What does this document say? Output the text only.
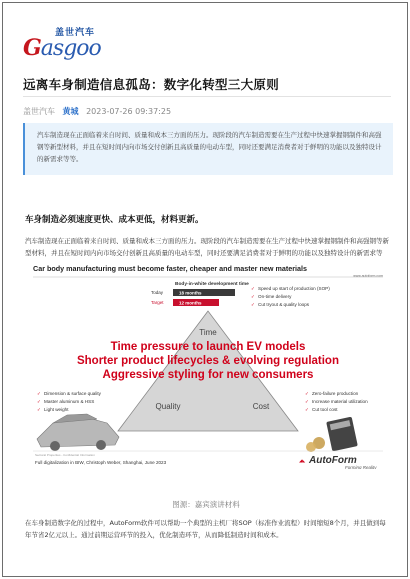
盖世汽车
Gasgoo
远离车身制造信息孤岛：数字化转型三大原则
盖世汽车 黄城 2023-07-26 09:37:25
汽车制造现在正面临着来自时间、质量和成本三方面的压力。现阶段的汽车制造需要在生产过程中快速掌握钢制件和高强钢等新型材料，并且在短时间内向市场交付创新且高质量的电动车型，同时还要满足消费者对于鲜明的功能以及独特设计的新需求等等。

车身制造必须速度更快、成本更低，材料更新。

汽车制造现在正面临着来自时间、质量和成本三方面的压力。现阶段的汽车制造需要在生产过程中快速掌握钢制件和高强钢等新型材料，并且在短时间内向市场交付创新且高质量的电动车型，同时还要满足消费者对于鲜明的功能以及独特设计的新需求等

Car body manufacturing must become faster, cheaper and master new materials
www.autoform.com
Body-in-white development time
Today	18 months
Target	12 months
Time
Quality	Cost
✓ Speed up start of production (SOP)
✓ On-time delivery
✓ Cut tryout & quality loops
Time pressure to launch EV models
Shorter product lifecycles & evolving regulation
Aggressive styling for new consumers
✓ Dimension & surface quality
✓ Master aluminum & HSS
✓ Light weight
✓ Zero-failure production
✓ Increase material utilization
✓ Cut tool cost
Sectoral Properties - Confidential Information
Full digitalization in BIW, Christoph Weber, Shanghai, June 2023	◢◣ AutoForm
Forming Reality

图源：嘉宾演讲材料

在车身制造数字化的过程中，AutoForm软件可以帮助一个典型的主机厂将SOP（标准作业流程）时间缩短8个月，并且做到每年节省2亿元以上。通过前期运营环节的投入，优化制造环节，从而降低制造时间和成本。
